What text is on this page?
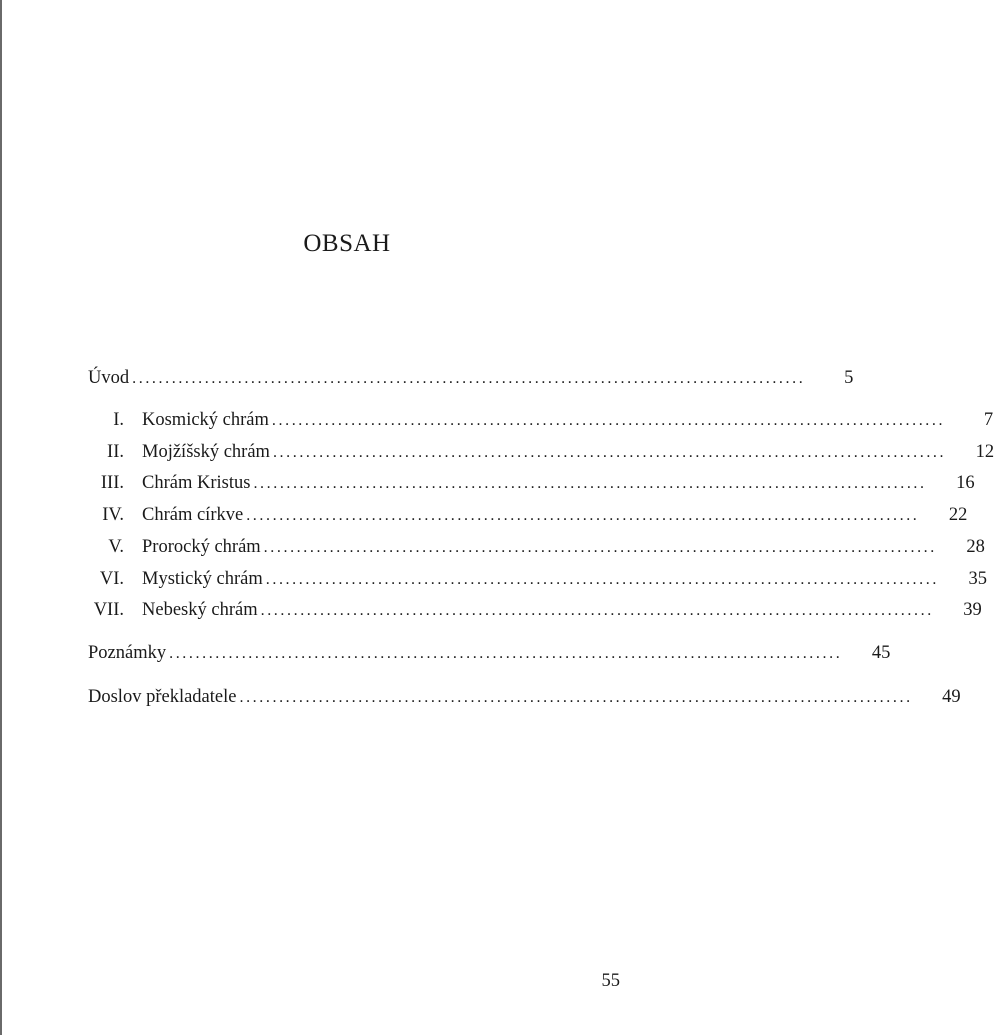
OBSAH
Úvod ......................................................................................................	5
I. Kosmický chrám ......................................................................................................	7
II. Mojžíšský chrám ......................................................................................................	12
III. Chrám Kristus ......................................................................................................	16
IV. Chrám církve ......................................................................................................	22
V. Prorocký chrám ......................................................................................................	28
VI. Mystický chrám ......................................................................................................	35
VII. Nebeský chrám ......................................................................................................	39
Poznámky ......................................................................................................	45
Doslov překladatele ......................................................................................................	49
55
